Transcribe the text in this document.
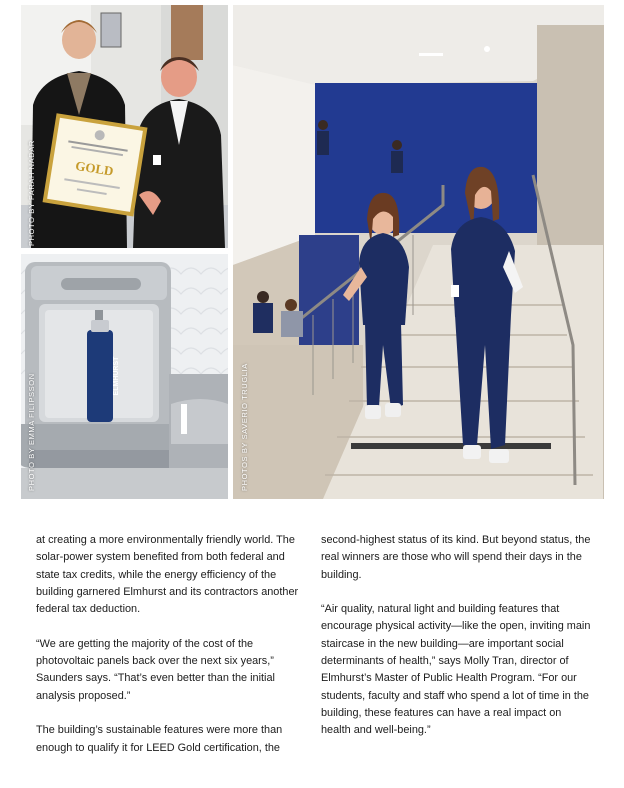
GOLD
PHOTO BY FARAH NADAR
ELMHURST
PHOTO BY EMMA FILIPSSON	PHOTOS BY SAVERIO TRUGLIA

at creating a more environmentally friendly world. The solar-power system benefited from both federal and state tax credits, while the energy efficiency of the building garnered Elmhurst and its contractors another federal tax deduction.

“We are getting the majority of the cost of the photovoltaic panels back over the next six years,” Saunders says. “That’s even better than the initial analysis proposed.”

The building’s sustainable features were more than enough to qualify it for LEED Gold certification, the

second-highest status of its kind. But beyond status, the real winners are those who will spend their days in the building.

“Air quality, natural light and building features that encourage physical activity—like the open, inviting main staircase in the new building—are important social determinants of health,” says Molly Tran, director of Elmhurst’s Master of Public Health Program. “For our students, faculty and staff who spend a lot of time in the building, these features can have a real impact on health and well-being.”
